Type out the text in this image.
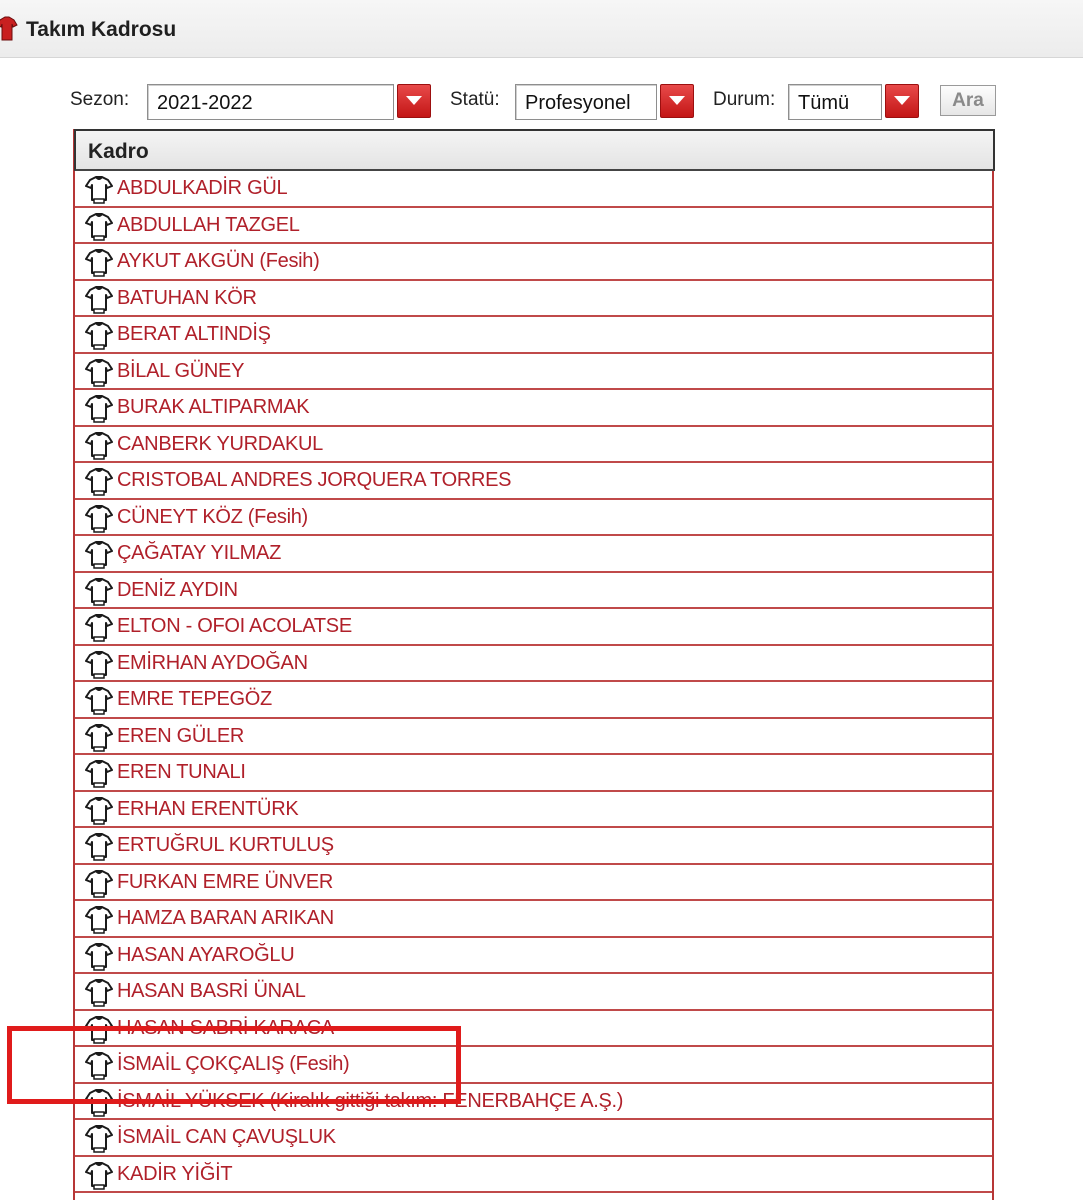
Takım Kadrosu
Sezon: 2021-2022	Statü: Profesyonel	Durum: Tümü	Ara
Kadro
ABDULKADİR GÜL
ABDULLAH TAZGEL
AYKUT AKGÜN (Fesih)
BATUHAN KÖR
BERAT ALTINDİŞ
BİLAL GÜNEY
BURAK ALTIPARMAK
CANBERK YURDAKUL
CRISTOBAL ANDRES JORQUERA TORRES
CÜNEYT KÖZ (Fesih)
ÇAĞATAY YILMAZ
DENİZ AYDIN
ELTON - OFOI ACOLATSE
EMİRHAN AYDOĞAN
EMRE TEPEGÖZ
EREN GÜLER
EREN TUNALI
ERHAN ERENTÜRK
ERTUĞRUL KURTULUŞ
FURKAN EMRE ÜNVER
HAMZA BARAN ARIKAN
HASAN AYAROĞLU
HASAN BASRİ ÜNAL
HASAN SABRİ KARACA
İSMAİL ÇOKÇALIŞ (Fesih)
İSMAİL YÜKSEK (Kiralık gittiği takım: FENERBAHÇE A.Ş.)
İSMAİL CAN ÇAVUŞLUK
KADİR YİĞİT
